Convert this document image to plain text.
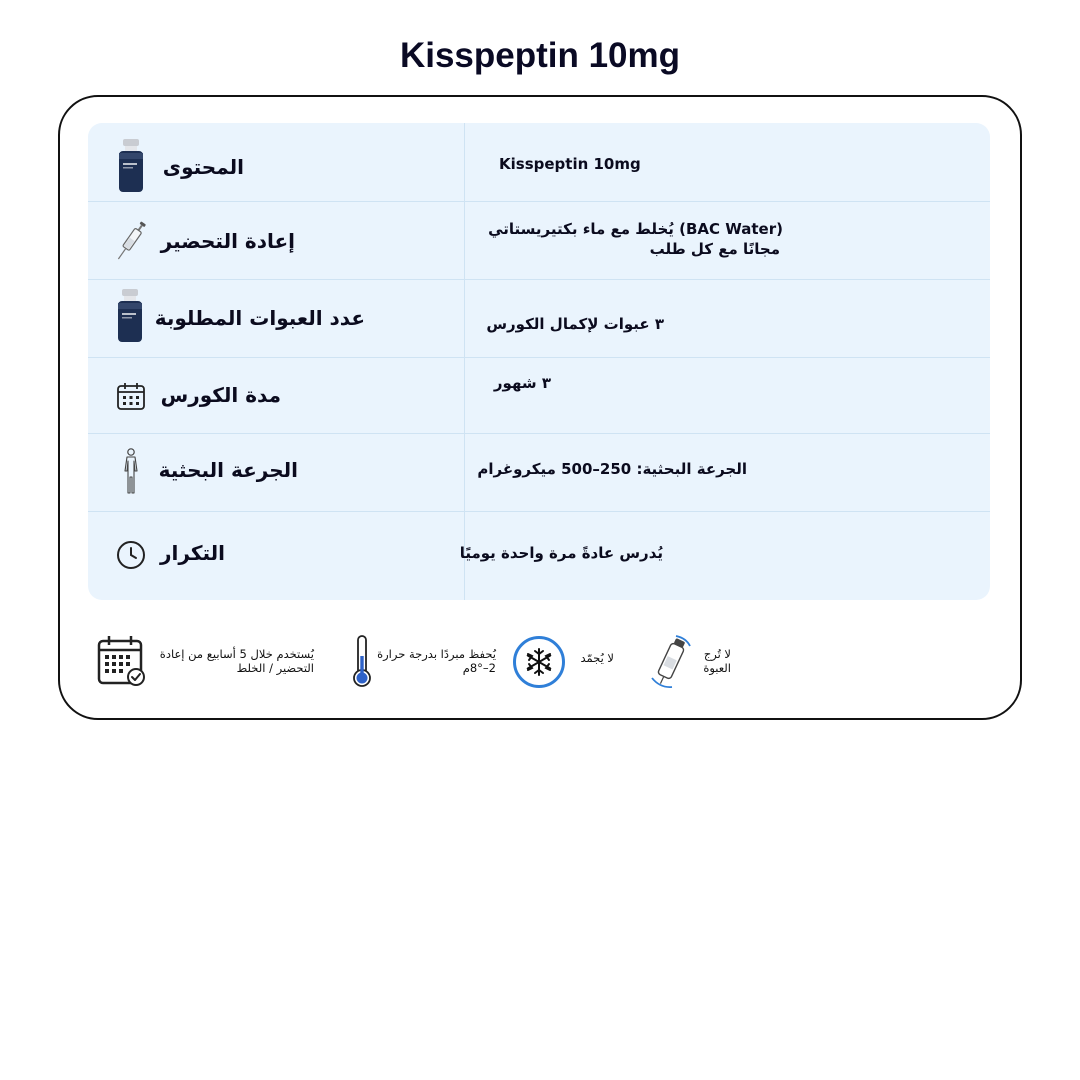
Kisspeptin 10mg
المحتوى	Kisspeptin 10mg
إعادة التحضير	(BAC Water) يُخلط مع ماء بكتيريستاتي
مجانًا مع كل طلب
عدد العبوات المطلوبة	٣ عبوات لإكمال الكورس
مدة الكورس	٣ شهور
الجرعة البحثية	الجرعة البحثية: 250–500 ميكروغرام
التكرار	يُدرس عادةً مرة واحدة يوميًا
يُستخدم خلال 5 أسابيع من إعادة
التحضير / الخلط
يُحفظ مبردًا بدرجة حرارة
2–8°م
لا يُجمّد	لا تُرج
العبوة
